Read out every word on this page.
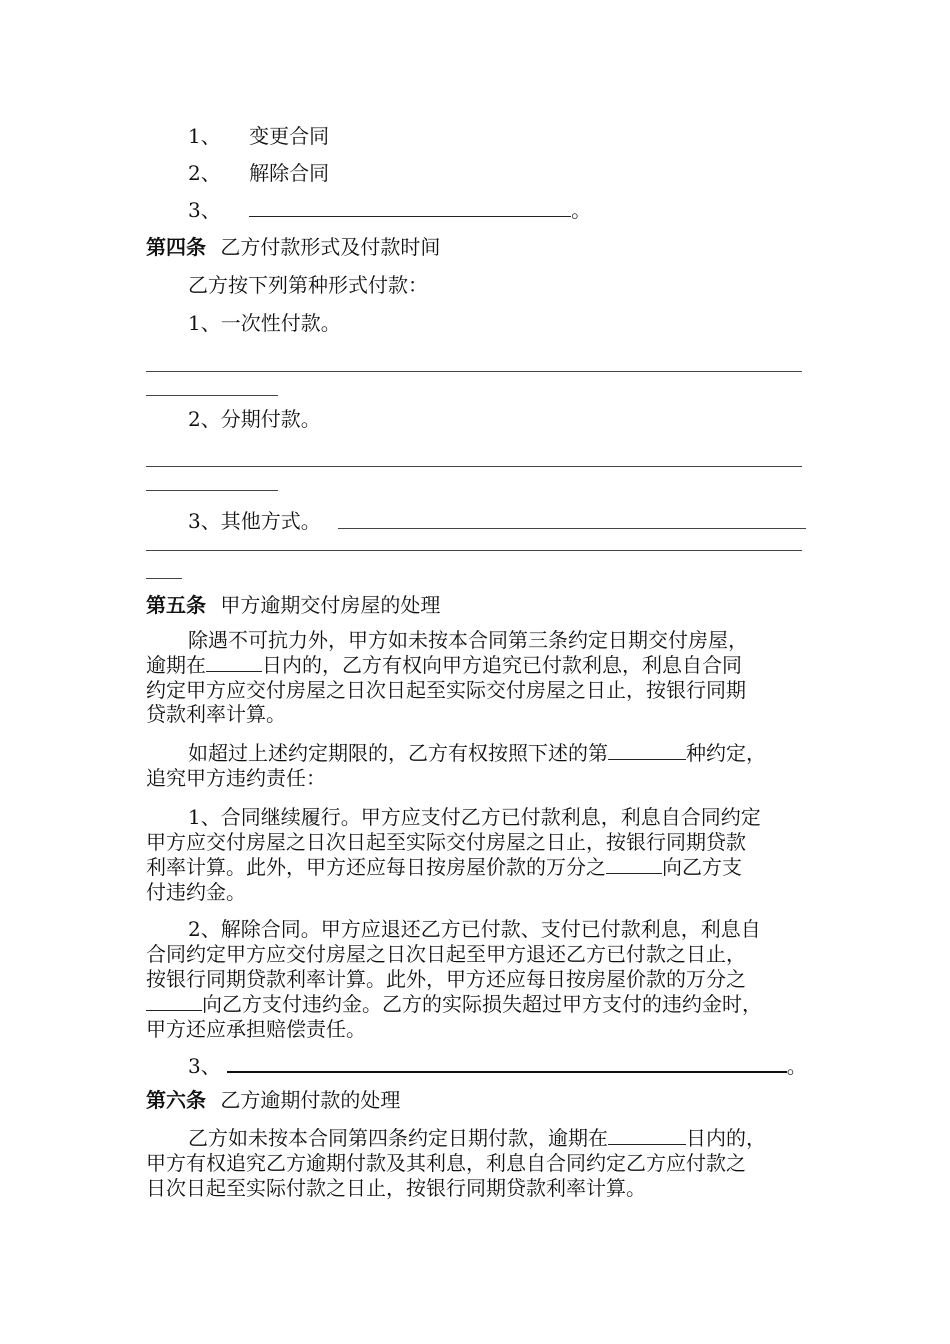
1、 变更合同
2、 解除合同
3、	。
第四条 乙方付款形式及付款时间
乙方按下列第种形式付款：
1、一次性付款。
2、分期付款。
3、其他方式。
第五条 甲方逾期交付房屋的处理
除遇不可抗力外，甲方如未按本合同第三条约定日期交付房屋，
逾期在	日内的，乙方有权向甲方追究已付款利息，利息自合同
约定甲方应交付房屋之日次日起至实际交付房屋之日止，按银行同期
贷款利率计算。
如超过上述约定期限的，乙方有权按照下述的第	种约定，
追究甲方违约责任：
1、合同继续履行。甲方应支付乙方已付款利息，利息自合同约定
甲方应交付房屋之日次日起至实际交付房屋之日止，按银行同期贷款
利率计算。此外，甲方还应每日按房屋价款的万分之	向乙方支
付违约金。
2、解除合同。甲方应退还乙方已付款、支付已付款利息，利息自
合同约定甲方应交付房屋之日次日起至甲方退还乙方已付款之日止，
按银行同期贷款利率计算。此外，甲方还应每日按房屋价款的万分之
向乙方支付违约金。乙方的实际损失超过甲方支付的违约金时，
甲方还应承担赔偿责任。
3、	。
第六条 乙方逾期付款的处理
乙方如未按本合同第四条约定日期付款，逾期在	日内的，
甲方有权追究乙方逾期付款及其利息，利息自合同约定乙方应付款之
日次日起至实际付款之日止，按银行同期贷款利率计算。
